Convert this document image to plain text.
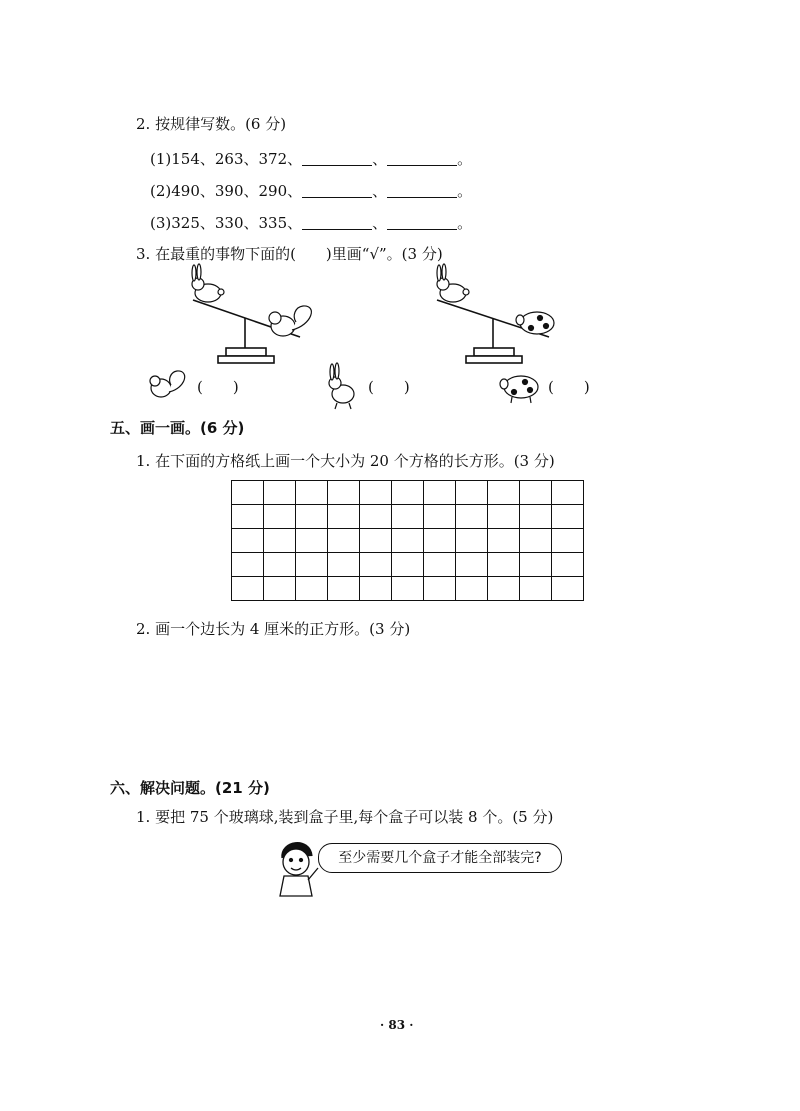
2. 按规律写数。(6 分)
(1)154、263、372、	、	。
(2)490、390、290、	、	。
(3)325、330、335、	、	。
3. 在最重的事物下面的(　　)里画“√”。(3 分)
(　　)	(　　)	(　　)
五、画一画。(6 分)
1. 在下面的方格纸上画一个大小为 20 个方格的长方形。(3 分)

2. 画一个边长为 4 厘米的正方形。(3 分)
六、解决问题。(21 分)
1. 要把 75 个玻璃球,装到盒子里,每个盒子可以装 8 个。(5 分)
至少需要几个盒子才能全部装完?
· 83 ·
